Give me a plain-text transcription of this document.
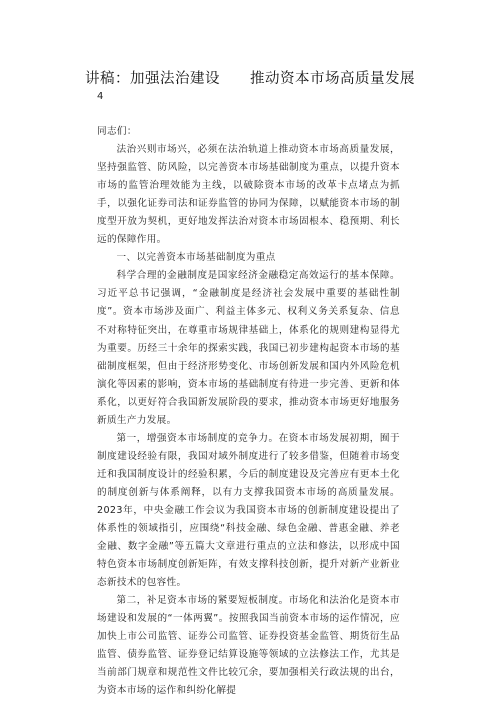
讲稿：加强法治建设　　推动资本市场高质量发展
4

同志们：

法治兴则市场兴，必须在法治轨道上推动资本市场高质量发展，坚持强监管、防风险，以完善资本市场基础制度为重点，以提升资本市场的监管治理效能为主线，以破除资本市场的改革卡点堵点为抓手，以强化证券司法和证券监管的协同为保障，以赋能资本市场的制度型开放为契机，更好地发挥法治对资本市场固根本、稳预期、利长远的保障作用。

一、以完善资本市场基础制度为重点

科学合理的金融制度是国家经济金融稳定高效运行的基本保障。习近平总书记强调，“金融制度是经济社会发展中重要的基础性制度”。资本市场涉及面广、利益主体多元、权利义务关系复杂、信息不对称特征突出，在尊重市场规律基础上，体系化的规则建构显得尤为重要。历经三十余年的探索实践，我国已初步建构起资本市场的基础制度框架，但由于经济形势变化、市场创新发展和国内外风险危机演化等因素的影响，资本市场的基础制度有待进一步完善、更新和体系化，以更好符合我国新发展阶段的要求，推动资本市场更好地服务新质生产力发展。

第一，增强资本市场制度的竞争力。在资本市场发展初期，囿于制度建设经验有限，我国对域外制度进行了较多借鉴，但随着市场变迁和我国制度设计的经验积累，今后的制度建设及完善应有更本土化的制度创新与体系阐释，以有力支撑我国资本市场的高质量发展。2023年，中央金融工作会议为我国资本市场的创新制度建设提出了体系性的领域指引，应围绕“科技金融、绿色金融、普惠金融、养老金融、数字金融”等五篇大文章进行重点的立法和修法，以形成中国特色资本市场制度创新矩阵，有效支撑科技创新，提升对新产业新业态新技术的包容性。

第二，补足资本市场的紧要短板制度。市场化和法治化是资本市场建设和发展的“一体两翼”。按照我国当前资本市场的运作情况，应加快上市公司监管、证券公司监管、证券投资基金监管、期货衍生品监管、债券监管、证券登记结算设施等领域的立法修法工作，尤其是当前部门规章和规范性文件比较冗余，要加强相关行政法规的出台，为资本市场的运作和纠纷化解提
